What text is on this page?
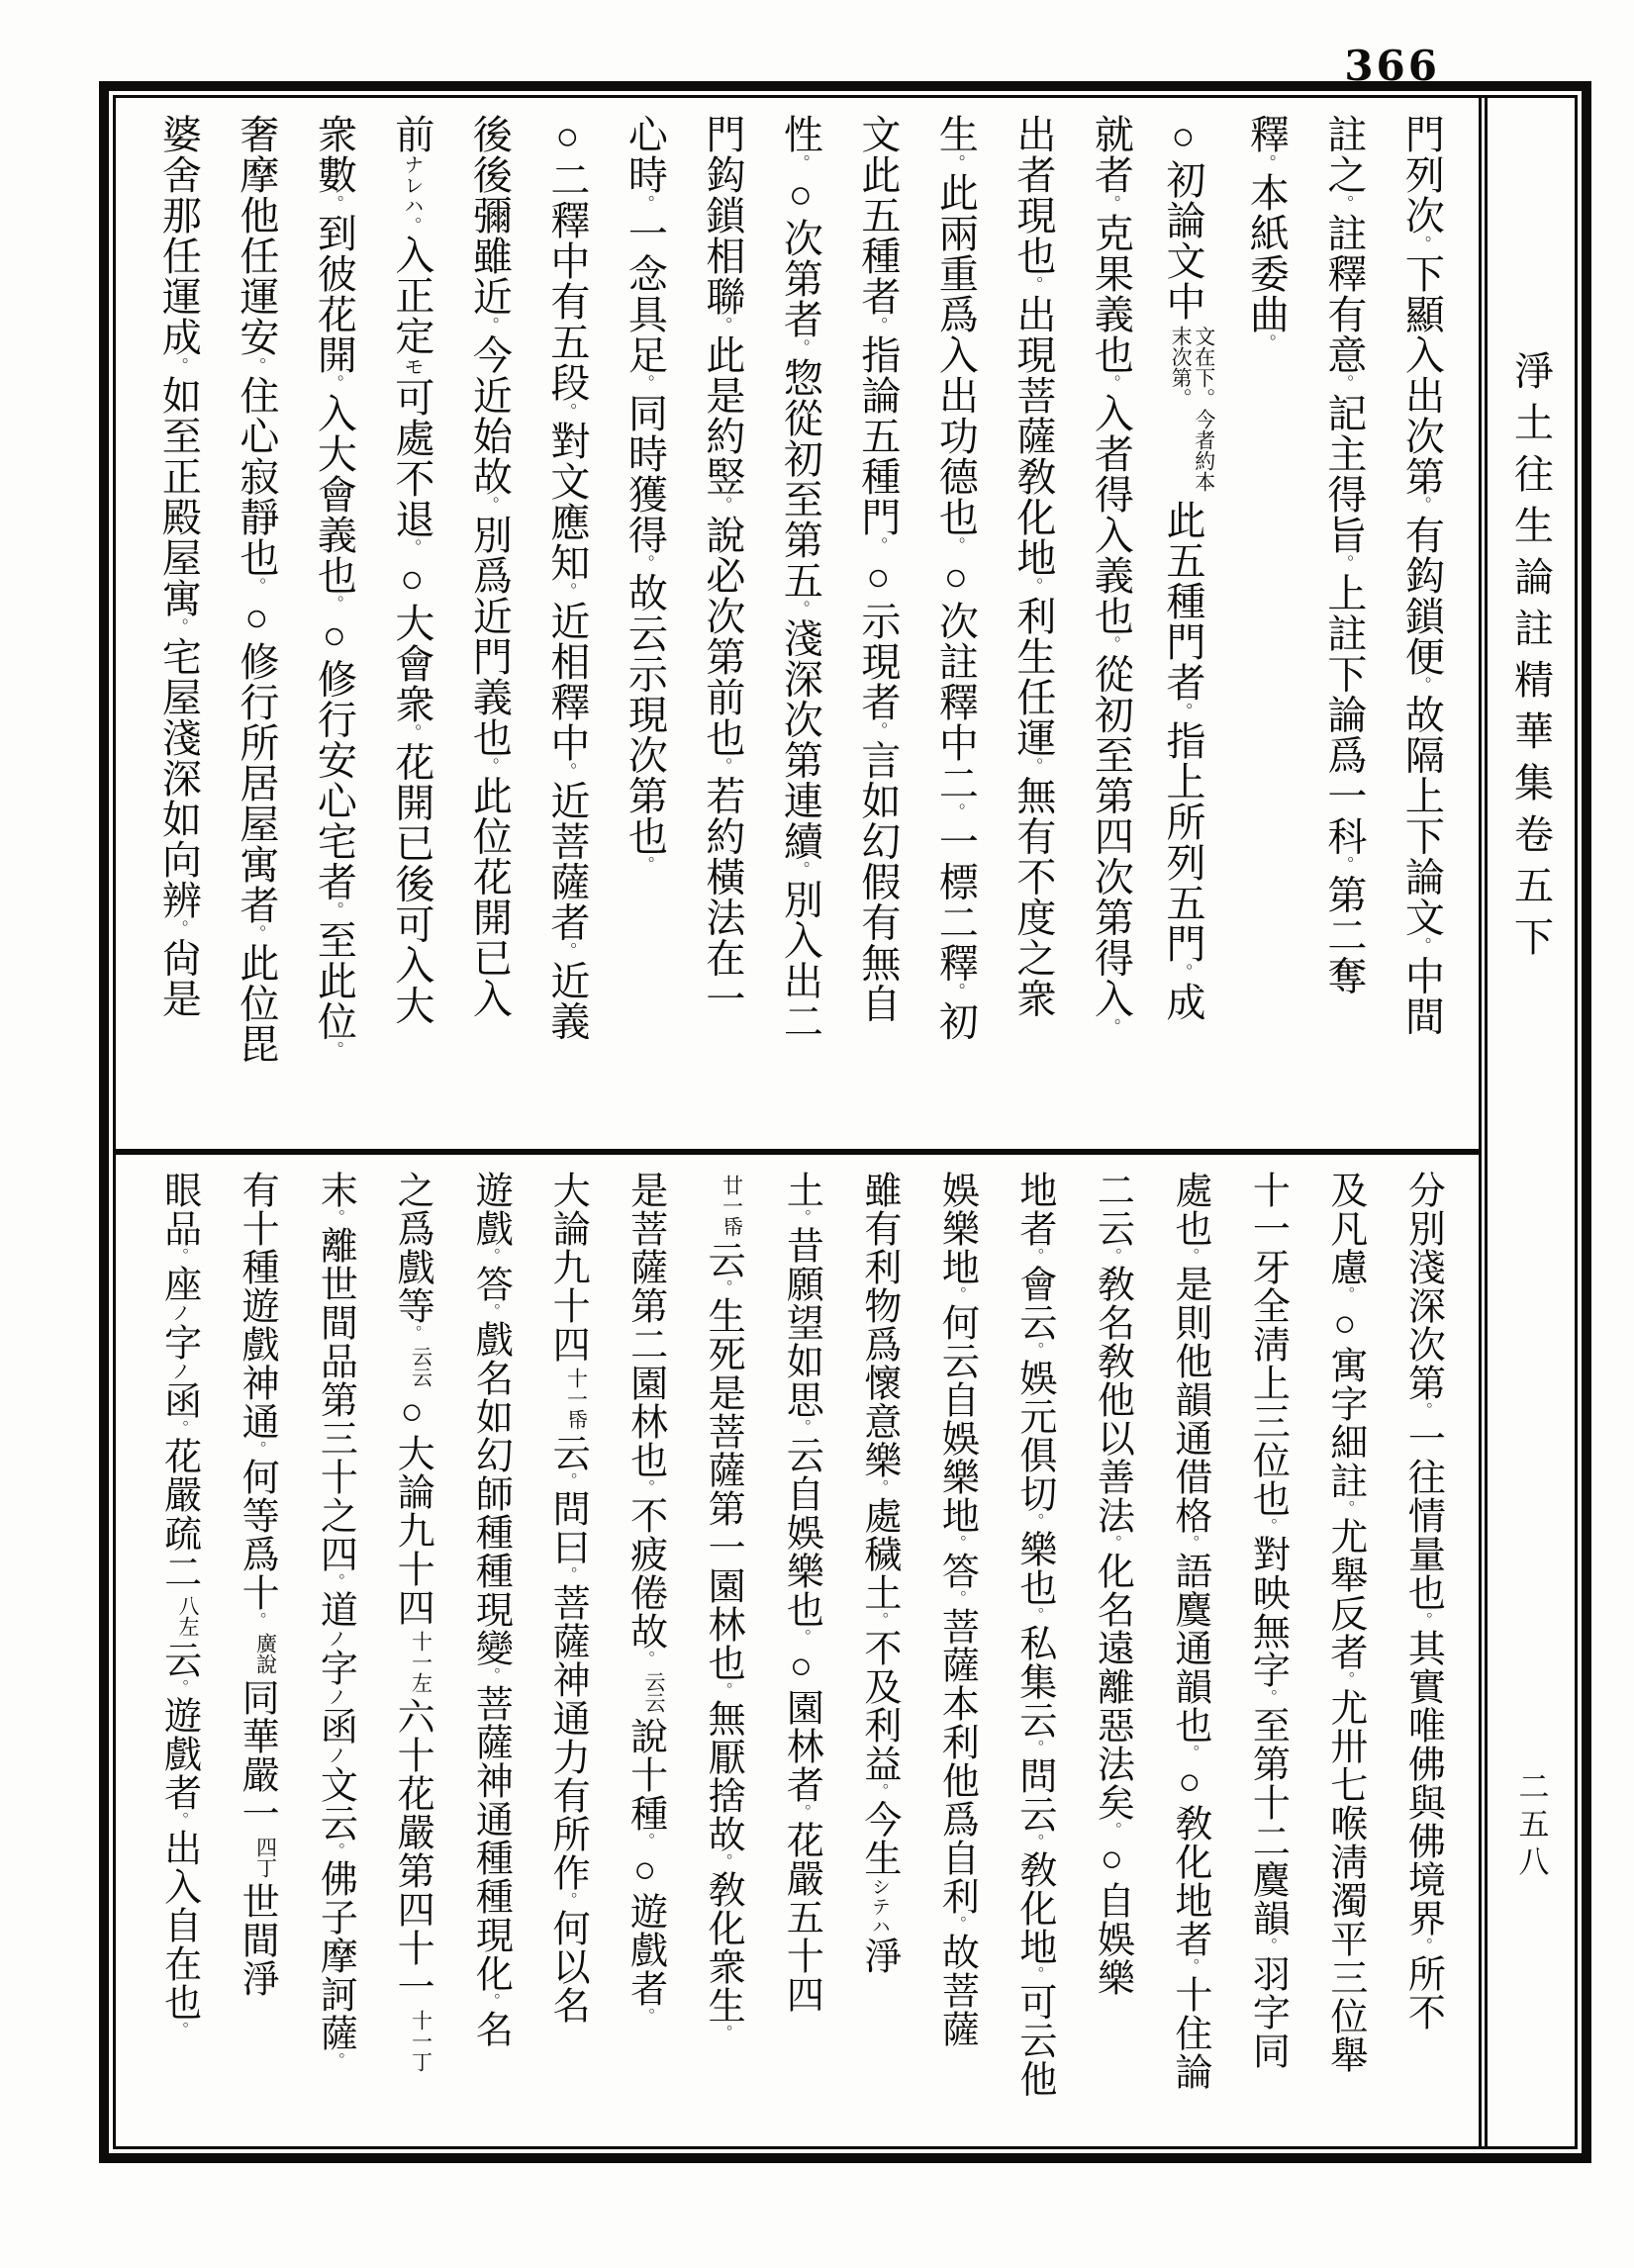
366
門列次。下顯入出次第。有鈎鎖便。故隔上下論文。中間
註之。註釋有意。記主得旨。上註下論爲一科。第二奪
釋。本紙委曲。
○初論文中文在下。今者約本末次第。此五種門者。指上所列五門。成
就者。克果義也。入者得入義也。從初至第四次第得入。
出者現也。出現菩薩敎化地。利生任運。無有不度之衆
生。此兩重爲入出功德也。○次註釋中二。一標二釋。初
文此五種者。指論五種門。○示現者。言如幻假有無自
性。○次第者。惣從初至第五。淺深次第連續。別入出二
門鈎鎖相聯。此是約竪。說必次第前也。若約橫法在一
心時。一念具足。同時獲得。故云示現次第也。
○二釋中有五段。對文應知。近相釋中。近菩薩者。近義
後後彌雖近。今近始故。別爲近門義也。此位花開已入
前ナレハ。入正定モ可處不退。○大會衆。花開已後可入大
衆數。到彼花開。入大會義也。○修行安心宅者。至此位。
奢摩他任運安。住心寂靜也。○修行所居屋寓者。此位毘
婆舍那任運成。如至正殿屋寓。宅屋淺深如向辨。尙是
分別淺深次第。一往情量也。其實唯佛與佛境界。所不
及凡慮。○寓字細註。尤舉反者。尤卅七喉淸濁平三位舉
十一牙全淸上三位也。對映無字。至第十二麌韻。羽字同
處也。是則他韻通借格。語麌通韻也。○敎化地者。十住論
二云。敎名敎他以善法。化名遠離惡法矣。○自娛樂
地者。會云。娛元俱切。樂也。私集云。問云。敎化地。可云他
娛樂地。何云自娛樂地。答。菩薩本利他爲自利。故菩薩
雖有利物爲懷意樂。處穢土。不及利益。今生シテハ淨
土。昔願望如思。云自娛樂也。○園林者。花嚴五十四
廿一帋云。生死是菩薩第一園林也。無厭捨故。敎化衆生。
是菩薩第二園林也。不疲倦故。云云說十種。○遊戲者。
大論九十四十一帋云。問曰。菩薩神通力有所作。何以名
遊戲。答。戲名如幻師種種現變。菩薩神通種種現化。名
之爲戲等。云云○大論九十四十一左六十花嚴第四十一十一丁
末。離世間品第三十之四。道ノ字ノ函ノ文云。佛子摩訶薩。
有十種遊戲神通。何等爲十。廣說同華嚴一四丁世間淨
眼品。座ノ字ノ函。花嚴疏二八左云。遊戲者。出入自在也。
淨土往生論註精華集卷五下
二五八
